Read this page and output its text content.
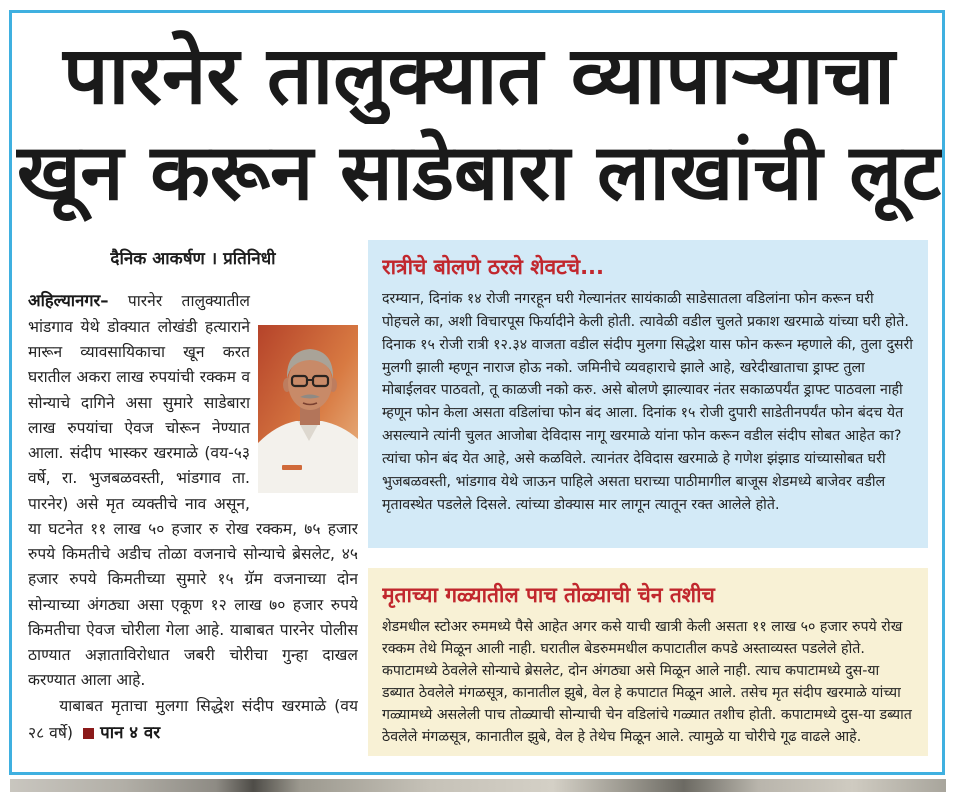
पारनेर तालुक्यात व्यापाऱ्याचा
खून करून साडेबारा लाखांची लूट
दैनिक आकर्षण । प्रतिनिधी

अहिल्यानगर– पारनेर तालुक्यातील भांडगाव येथे डोक्यात लोखंडी हत्याराने मारून व्यावसायिकाचा खून करत घरातील अकरा लाख रुपयांची रक्कम व सोन्याचे दागिने असा सुमारे साडेबारा लाख रुपयांचा ऐवज चोरून नेण्यात आला. संदीप भास्कर खरमाळे (वय-५३ वर्षे, रा. भुजबळवस्ती, भांडगाव ता. पारनेर) असे मृत व्यक्तीचे नाव असून, या घटनेत ११ लाख ५० हजार रु रोख रक्कम, ७५ हजार रुपये किमतीचे अडीच तोळा वजनाचे सोन्याचे ब्रेसलेट, ४५ हजार रुपये किमतीच्या सुमारे १५ ग्रॅम वजनाच्या दोन सोन्याच्या अंगठ्या असा एकूण १२ लाख ७० हजार रुपये किमतीचा ऐवज चोरीला गेला आहे. याबाबत पारनेर पोलीस ठाण्यात अज्ञाताविरोधात जबरी चोरीचा गुन्हा दाखल करण्यात आला आहे.

याबाबत मृताचा मुलगा सिद्धेश संदीप खरमाळे (वय २८ वर्षे) पान ४ वर

रात्रीचे बोलणे ठरले शेवटचे...
दरम्यान, दिनांक १४ रोजी नगरहून घरी गेल्यानंतर सायंकाळी साडेसातला वडिलांना फोन करून घरी पोहचले का, अशी विचारपूस फिर्यादीने केली होती. त्यावेळी वडील चुलते प्रकाश खरमाळे यांच्या घरी होते. दिनाक १५ रोजी रात्री १२.३४ वाजता वडील संदीप मुलगा सिद्धेश यास फोन करून म्हणाले की, तुला दुसरी मुलगी झाली म्हणून नाराज होऊ नको. जमिनीचे व्यवहाराचे झाले आहे, खरेदीखाताचा ड्राफ्ट तुला मोबाईलवर पाठवतो, तू काळजी नको करु. असे बोलणे झाल्यावर नंतर सकाळपर्यंत ड्राफ्ट पाठवला नाही म्हणून फोन केला असता वडिलांचा फोन बंद आला. दिनांक १५ रोजी दुपारी साडेतीनपर्यंत फोन बंदच येत असल्याने त्यांनी चुलत आजोबा देविदास नागू खरमाळे यांना फोन करून वडील संदीप सोबत आहेत का? त्यांचा फोन बंद येत आहे, असे कळविले. त्यानंतर देविदास खरमाळे हे गणेश झंझाड यांच्यासोबत घरी भुजबळवस्ती, भांडगाव येथे जाऊन पाहिले असता घराच्या पाठीमागील बाजूस शेडमध्ये बाजेवर वडील मृतावस्थेत पडलेले दिसले. त्यांच्या डोक्यास मार लागून त्यातून रक्त आलेले होते.
मृताच्या गळ्यातील पाच तोळ्याची चेन तशीच
शेडमधील स्टोअर रुममध्ये पैसे आहेत अगर कसे याची खात्री केली असता ११ लाख ५० हजार रुपये रोख रक्कम तेथे मिळून आली नाही. घरातील बेडरुममधील कपाटातील कपडे अस्ताव्यस्त पडलेले होते. कपाटामध्ये ठेवलेले सोन्याचे ब्रेसलेट, दोन अंगठ्या असे मिळून आले नाही. त्याच कपाटामध्ये दुस-या डब्यात ठेवलेले मंगळसूत्र, कानातील झुबे, वेल हे कपाटात मिळून आले. तसेच मृत संदीप खरमाळे यांच्या गळ्यामध्ये असलेली पाच तोळ्याची सोन्याची चेन वडिलांचे गळ्यात तशीच होती. कपाटामध्ये दुस-या डब्यात ठेवलेले मंगळसूत्र, कानातील झुबे, वेल हे तेथेच मिळून आले. त्यामुळे या चोरीचे गूढ वाढले आहे.
